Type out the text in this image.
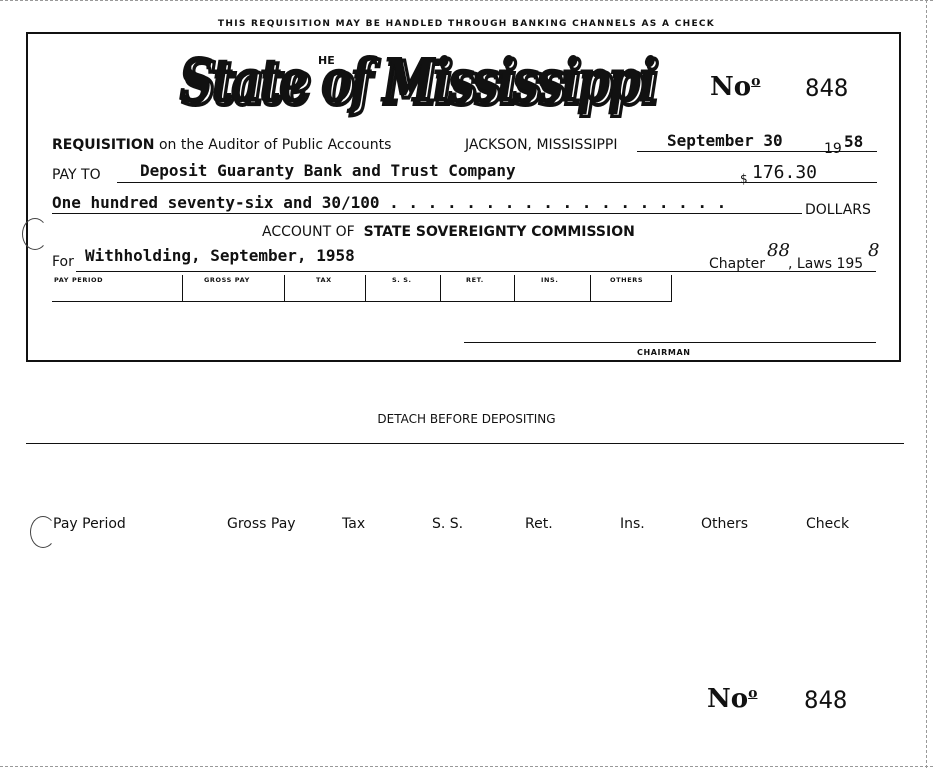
THIS REQUISITION MAY BE HANDLED THROUGH BANKING CHANNELS AS A CHECK
State of Mississippi
State of Mississippi
HE
No$^o$ 848
REQUISITION on the Auditor of Public Accounts	JACKSON, MISSISSIPPI	September 30	19 58
PAY TO Deposit Guaranty Bank and Trust Company	$ 176.30
One hundred seventy-six and 30/100 . . . . . . . . . . . . . . . . . .	DOLLARS
ACCOUNT OF STATE SOVEREIGNTY COMMISSION
For Withholding, September, 1958	Chapter
88
, Laws 195
8
PAY PERIOD	GROSS PAY	TAX	S. S.	RET.	INS.	OTHERS
CHAIRMAN
DETACH BEFORE DEPOSITING
Pay Period	Gross Pay	Tax	S. S.	Ret.	Ins.	Others	Check
No$^o$ 848
